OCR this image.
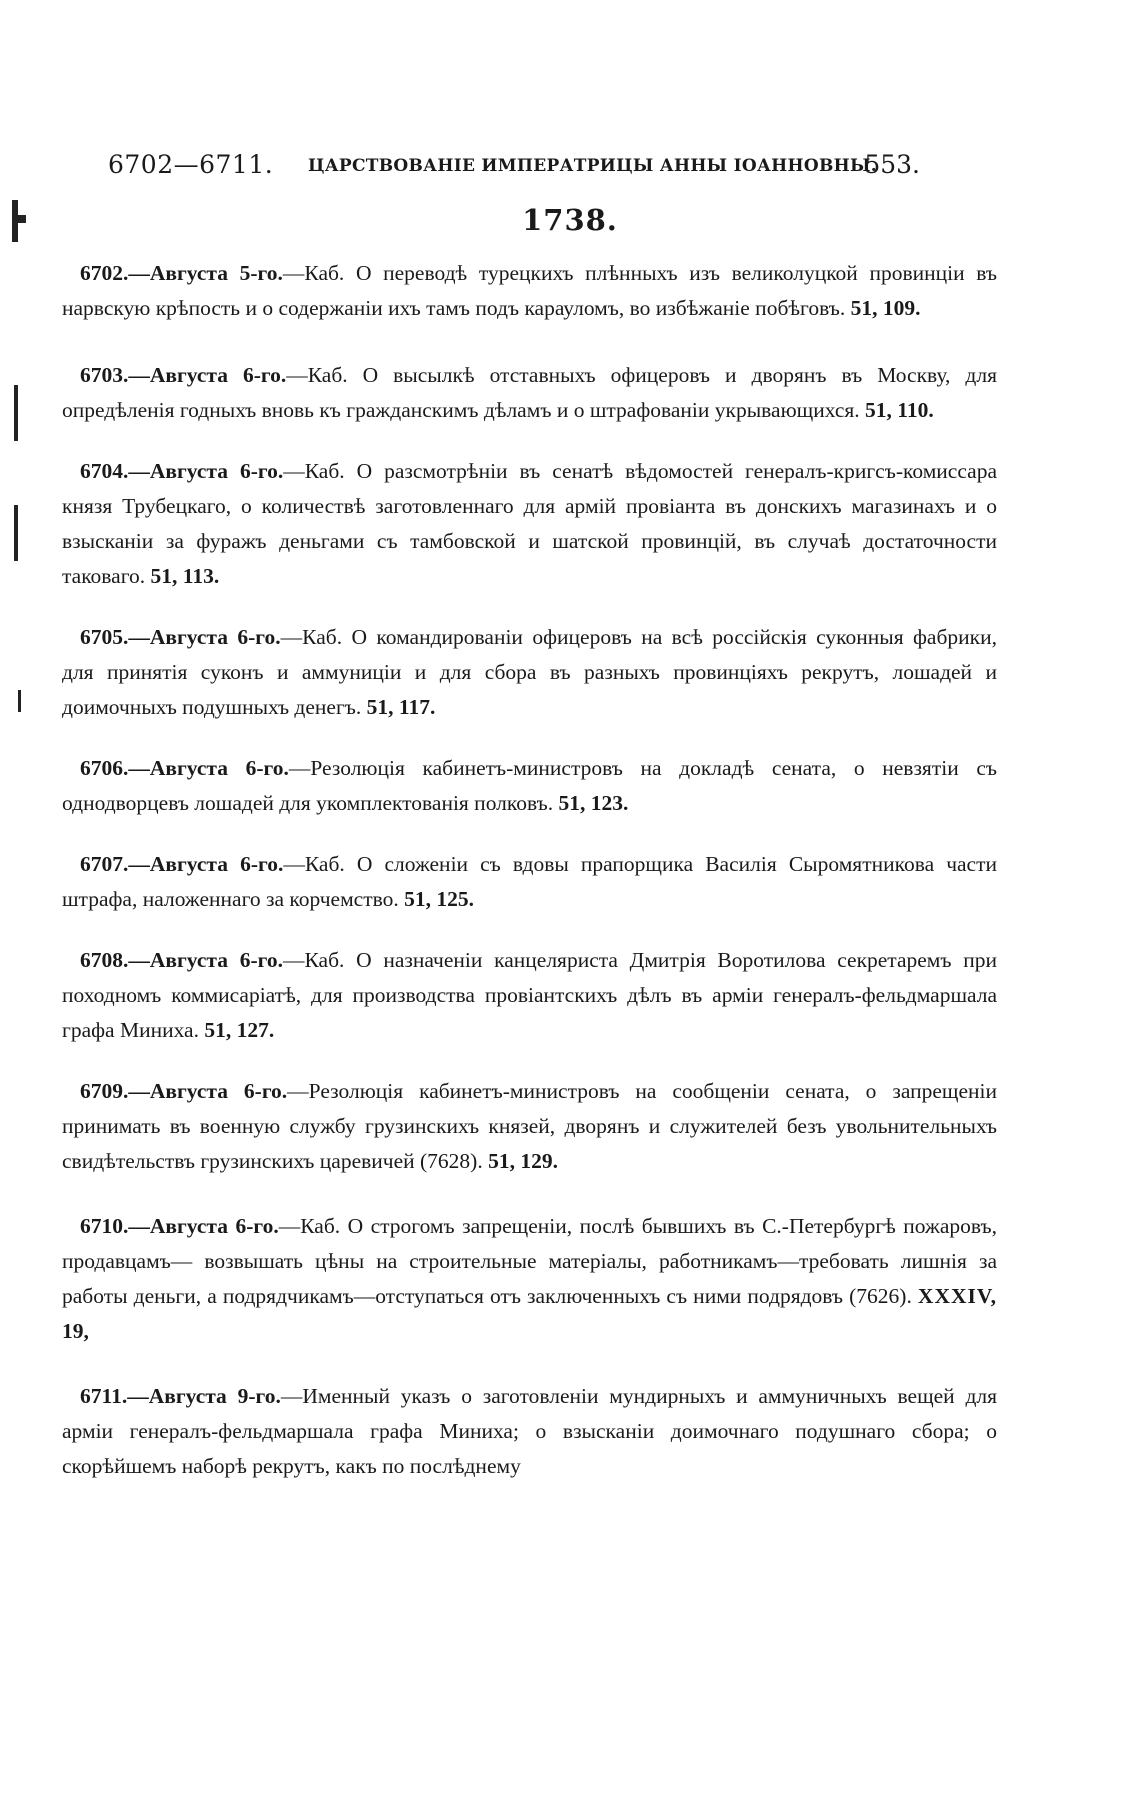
6702—6711. ЦАРСТВОВАНІЕ ИМПЕРАТРИЦЫ АННЫ ІОАННОВНЫ.
553.
1738.

6702.—Августа 5-го.—Каб. О переводѣ турецкихъ плѣнныхъ изъ великолуцкой провинціи въ нарвскую крѣпость и о содержаніи ихъ тамъ подъ карауломъ, во избѣжаніе побѣговъ. 51, 109.

6703.—Августа 6-го.—Каб. О высылкѣ отставныхъ офицеровъ и дворянъ въ Москву, для опредѣленія годныхъ вновь къ гражданскимъ дѣламъ и о штрафованіи укрывающихся. 51, 110.

6704.—Августа 6-го.—Каб. О разсмотрѣніи въ сенатѣ вѣдомостей генералъ-кригсъ-комиссара князя Трубецкаго, о количествѣ заготовленнаго для армій провіанта въ донскихъ магазинахъ и о взысканіи за фуражъ деньгами съ тамбовской и шатской провинцій, въ случаѣ достаточности таковаго. 51, 113.

6705.—Августа 6-го.—Каб. О командированіи офицеровъ на всѣ россійскія суконныя фабрики, для принятія суконъ и аммуниціи и для сбора въ разныхъ провинціяхъ рекрутъ, лошадей и доимочныхъ подушныхъ денегъ. 51, 117.

6706.—Августа 6-го.—Резолюція кабинетъ-министровъ на докладѣ сената, о невзятіи съ однодворцевъ лошадей для укомплектованія полковъ. 51, 123.

6707.—Августа 6-го.—Каб. О сложеніи съ вдовы прапорщика Василія Сыромятникова части штрафа, наложеннаго за корчемство. 51, 125.

6708.—Августа 6-го.—Каб. О назначеніи канцеляриста Дмитрія Воротилова секретаремъ при походномъ коммисаріатѣ, для производства провіантскихъ дѣлъ въ арміи генералъ-фельдмаршала графа Миниха. 51, 127.

6709.—Августа 6-го.—Резолюція кабинетъ-министровъ на сообщеніи сената, о запрещеніи принимать въ военную службу грузинскихъ князей, дворянъ и служителей безъ увольнительныхъ свидѣтельствъ грузинскихъ царевичей (7628). 51, 129.

6710.—Августа 6-го.—Каб. О строгомъ запрещеніи, послѣ бывшихъ въ С.-Петербургѣ пожаровъ, продавцамъ— возвышать цѣны на строительные матеріалы, работникамъ—требовать лишнія за работы деньги, а подрядчикамъ—отступаться отъ заключенныхъ съ ними подрядовъ (7626). XXXIV, 19,

6711.—Августа 9-го.—Именный указъ о заготовленіи мундирныхъ и аммуничныхъ вещей для арміи генералъ-фельдмаршала графа Миниха; о взысканіи доимочнаго подушнаго сбора; о скорѣйшемъ наборѣ рекрутъ, какъ по послѣднему
